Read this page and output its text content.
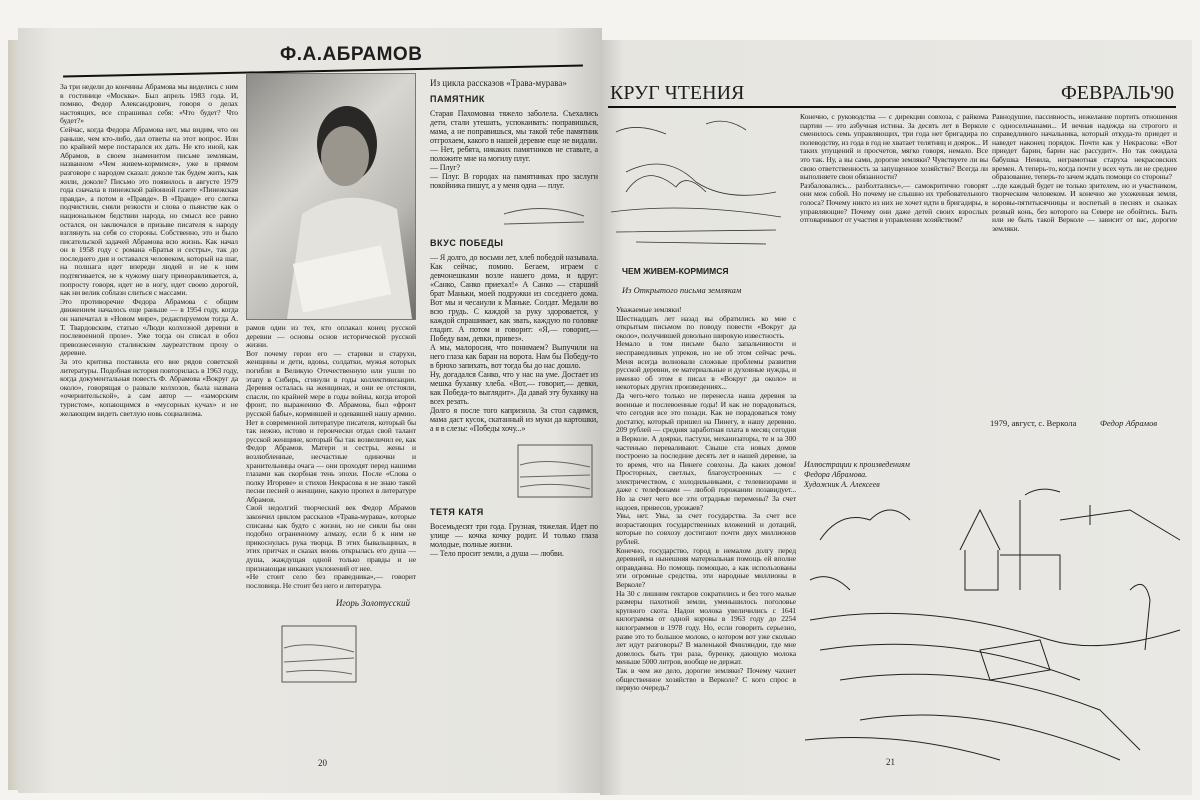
Ф.А.АБРАМОВ

За три недели до кончины Абрамова мы виделись с ним в гостинице «Москва». Был апрель 1983 года. И, помню, Федор Александрович, говоря о делах настоящих, все спрашивал себя: «Что будет? Что будет?»

Сейчас, когда Федора Абрамова нет, мы видим, что он раньше, чем кто-либо, дал ответы на этот вопрос. Или по крайней мере постарался их дать. Не кто иной, как Абрамов, в своем знаменитом письме землякам, названном «Чем живем-кормимся», уже в прямом разговоре с народом сказал: доколе так будем жить, как жили, доколе? Письмо это появилось в августе 1979 года сначала в пинежской районной газете «Пинежская правда», а потом в «Правде». В «Правде» его слегка подчистили, сняли резкости и слова о пьянстве как о национальном бедствии народа, но смысл все равно остался, он заключался в призыве писателя к народу взглянуть на себя со стороны. Собственно, это и было писательской задачей Абрамова всю жизнь. Как начал он в 1958 году с романа «Братья и сестры», так до последнего дня и оставался человеком, который на шаг, на полшага идет впереди людей и не к ним подтягивается, не к чужому шагу приноравливается, а, попросту говоря, идет не в ногу, идет своею дорогой, как ни велик соблазн слиться с массами.

Это противоречие Федора Абрамова с общим движением началось еще раньше — в 1954 году, когда он напечатал в «Новом мире», редактируемом тогда А. Т. Твардовским, статью «Люди колхозной деревни в послевоенной прозе». Уже тогда он списал в обоз превознесенную сталинским лауреатством прозу о деревне.

За это критика поставила его вне рядов советской литературы. Подобная история повторилась в 1963 году, когда документальная повесть Ф. Абрамова «Вокруг да около», говорящая о развале колхозов, была названа «очернительской», а сам автор — «заморским туристом», копающимся в «мусорных кучах» и не желающим видеть светлую новь социализма.

рамов один из тех, кто оплакал конец русской деревни — основы основ исторической русской жизни.

Вот почему герои его — старики и старухи, женщины и дети, вдовы, солдатки, мужья которых погибли в Великую Отечественную или ушли по этапу в Сибирь, сгинули в годы коллективизации. Деревня осталась на женщинах, и они ее отстояли, спасли, по крайней мере в годы войны, когда второй фронт, по выражению Ф. Абрамова, был «фронт русской бабы», кормившей и одевавшей нашу армию. Нет в современной литературе писателя, который бы так нежно, истово и героически отдал свой талант русской женщине, который бы так возвеличил ее, как Федор Абрамов. Матери и сестры, жены и возлюбленные, несчастные одиночки и хранительницы очага — они проходят перед нашими глазами как скорбная тень эпохи. После «Слова о полку Игореве» и стихов Некрасова я не знаю такой песни песней о женщине, какую пропел в литературе Абрамов.

Свой недолгий творческий век Федор Абрамов закончил циклом рассказов «Трава-мурава», которые списаны как будто с жизни, но не сияли бы они подобно ограненному алмазу, если б к ним не прикоснулась рука творца. В этих бывальщинах, в этих притчах и сказах вновь открылась его душа — душа, жаждущая одной только правды и не признающая никаких уклонений от нее.

«Не стоит село без праведника»,— говорит пословица. Не стоит без него и литература.

Игорь Золотусский
Из цикла рассказов «Трава-мурава»
ПАМЯТНИК

Старая Пахомовна тяжело заболела. Съехались дети, стали утешать, успокаивать: поправишься, мама, а не поправишься, мы такой тебе памятник отгрохаем, какого в нашей деревне еще не видали.

— Нет, ребята, никаких памятников не ставьте, а положите мне на могилу плуг.

— Плуг?

— Плуг. В городах на памятниках про заслуги покойника пишут, а у меня одна — плуг.

ВКУС ПОБЕДЫ

— Я долго, до восьми лет, хлеб победой называла. Как сейчас, помню. Бегаем, играем с девчонешками возле нашего дома, и вдруг: «Санко, Санко приехал!» А Санко — старший брат Маньки, моей подружки из соседнего дома. Вот мы и чесанули к Маньке. Солдат. Медали во всю грудь. С каждой за руку здоровается, у каждой спрашивает, как звать, каждую по головке гладит. А потом и говорит: «Я,— говорит,— Победу вам, девки, привез».

А мы, малоросия, что понимаем? Выпучили на него глаза как баран на ворота. Нам бы Победу-то в брюхо запихать, вот тогда бы до нас дошло.

Ну, догадался Санко, что у нас на уме. Достает из мешка буханку хлеба. «Вот,— говорит,— девки, как Победа-то выглядит». Да давай эту буханку на всех резать.

Долго я после того капризила. За стол садимся, мама даст кусок, скатанный из муки да картошки, а я в слезы: «Победы хочу...»

ТЕТЯ КАТЯ

Восемьдесят три года. Грузная, тяжелая. Идет по улице — кочка кочку родит. И только глаза молодые, полные жизни.

— Тело просит земли, а душа — любви.

20
КРУГ ЧТЕНИЯ	ФЕВРАЛЬ'90
ЧЕМ ЖИВЕМ-КОРМИМСЯ
Из Открытого письма землякам

Уважаемые земляки!

Шестнадцать лет назад вы обратились ко мне с открытым письмом по поводу повести «Вокруг да около», получившей довольно широкую известность.

Немало в том письме было запальчивости и несправедливых упреков, но не об этом сейчас речь. Меня всегда волновали сложные проблемы развития русской деревни, ее материальные и духовные нужды, и именно об этом я писал в «Вокруг да около» и некоторых других произведениях...

Да чего-чего только не перенесла наша деревня за военные и послевоенные годы! И как не порадоваться, что сегодня все это позади. Как не порадоваться тому достатку, который пришел на Пинегу, в нашу деревню. 209 рублей — средняя заработная плата в месяц сегодня в Верколе. А доярки, пастухи, механизаторы, те и за 300 частенько переваливают. Свыше ста новых домов построено за последние десять лет в нашей деревне, за то время, что на Пинеге совхозы. Да каких домов! Просторных, светлых, благоустроенных — с электричеством, с холодильниками, с телевизорами и даже с телефонами — любой горожанин позавидует... Но за счет чего все эти отрадные перемены? За счет надоев, привесов, урожаев?

Увы, нет. Увы, за счет государства. За счет все возрастающих государственных вложений и дотаций, которые по совхозу достигают почти двух миллионов рублей.

Конечно, государство, город в немалом долгу перед деревней, и нынешняя материальная помощь ей вполне оправданна. Но помощь помощью, а как использованы эти огромные средства, эти народные миллионы в Верколе?

На 30 с лишним гектаров сократились и без того малые размеры пахотной земли, уменьшилось поголовье крупного скота. Надои молока увеличились с 1641 килограмма от одной коровы в 1963 году до 2254 килограммов в 1978 году. Но, если говорить серьезно, разве это то большое молоко, о котором вот уже сколько лет идут разговоры? В маленькой Финляндии, где мне довелось быть три раза, буренку, дающую молока меньше 5000 литров, вообще не держат.

Так в чем же дело, дорогие земляки? Почему чахнет общественное хозяйство в Верколе? С кого спрос в первую очередь?

Конечно, с руководства — с дирекции совхоза, с райкома партии — это азбучная истина. За десять лет в Верколе сменилось семь управляющих, три года нет бригадира по полеводству, из года в год не хватает телятниц и доярок... И таких упущений и просчетов, мягко говоря, немало. Все это так. Ну, а вы сами, дорогие земляки? Чувствуете ли вы свою ответственность за запущенное хозяйство? Всегда ли выполняете свои обязанности?

Разбаловались... разболтались»,— самокритично говорят они меж собой. Но почему не слышно их требовательного голоса? Почему никто из них не хочет идти в бригадиры, в управляющие? Почему они даже детей своих взрослых отговаривают от участия в управлении хозяйством?

Равнодушие, пассивность, нежелание портить отношения с односельчанами... И вечная надежда на строгого и справедливого начальника, который откуда-то приедет и наведет наконец порядок. Почти как у Некрасова: «Вот приедет барин, барин нас рассудит». Но так ожидала бабушка Ненила, неграмотная старуха некрасовских времен. А теперь-то, когда почти у всех чуть ли не среднее образование, теперь-то зачем ждать помощи со стороны?

...где каждый будет не только зрителем, но и участником, творческим человеком. И конечно же ухоженная земля, коровы-пятитысячницы и воспетый в песнях и сказках резвый конь, без которого на Севере не обойтись. Быть или не быть такой Верколе — зависит от вас, дорогие земляки.

1979, август, с. Веркола	Федор Абрамов
Иллюстрации к произведениям
Федора Абрамова.
Художник А. Алексеев
21
